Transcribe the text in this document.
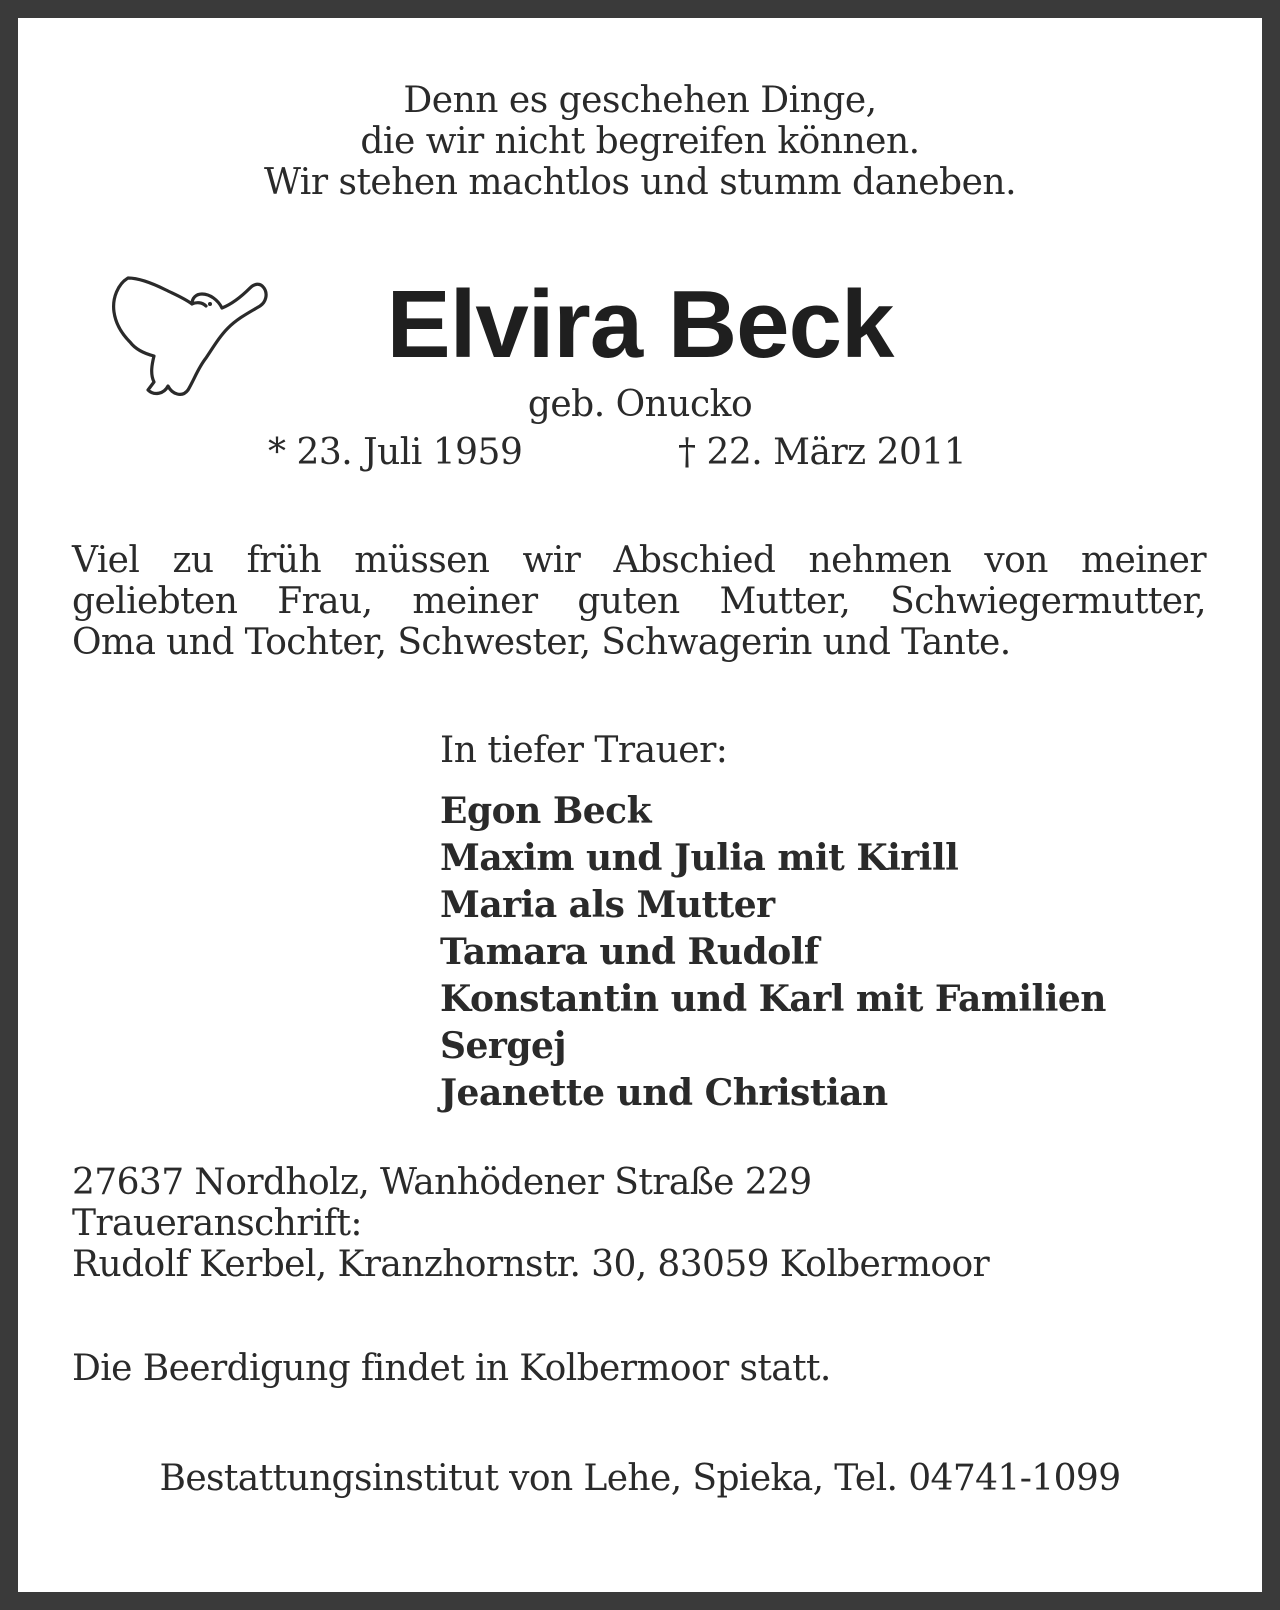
Denn es geschehen Dinge,
die wir nicht begreifen können.
Wir stehen machtlos und stumm daneben.

Elvira Beck

geb. Onucko

* 23. Juli 1959	† 22. März 2011

Viel zu früh müssen wir Abschied nehmen von meiner
geliebten Frau, meiner guten Mutter, Schwiegermutter,
Oma und Tochter, Schwester, Schwagerin und Tante.

In tiefer Trauer:

Egon Beck
Maxim und Julia mit Kirill
Maria als Mutter
Tamara und Rudolf
Konstantin und Karl mit Familien
Sergej
Jeanette und Christian

27637 Nordholz, Wanhödener Straße 229
Traueranschrift:
Rudolf Kerbel, Kranzhornstr. 30, 83059 Kolbermoor

Die Beerdigung findet in Kolbermoor statt.

Bestattungsinstitut von Lehe, Spieka, Tel. 04741-1099
